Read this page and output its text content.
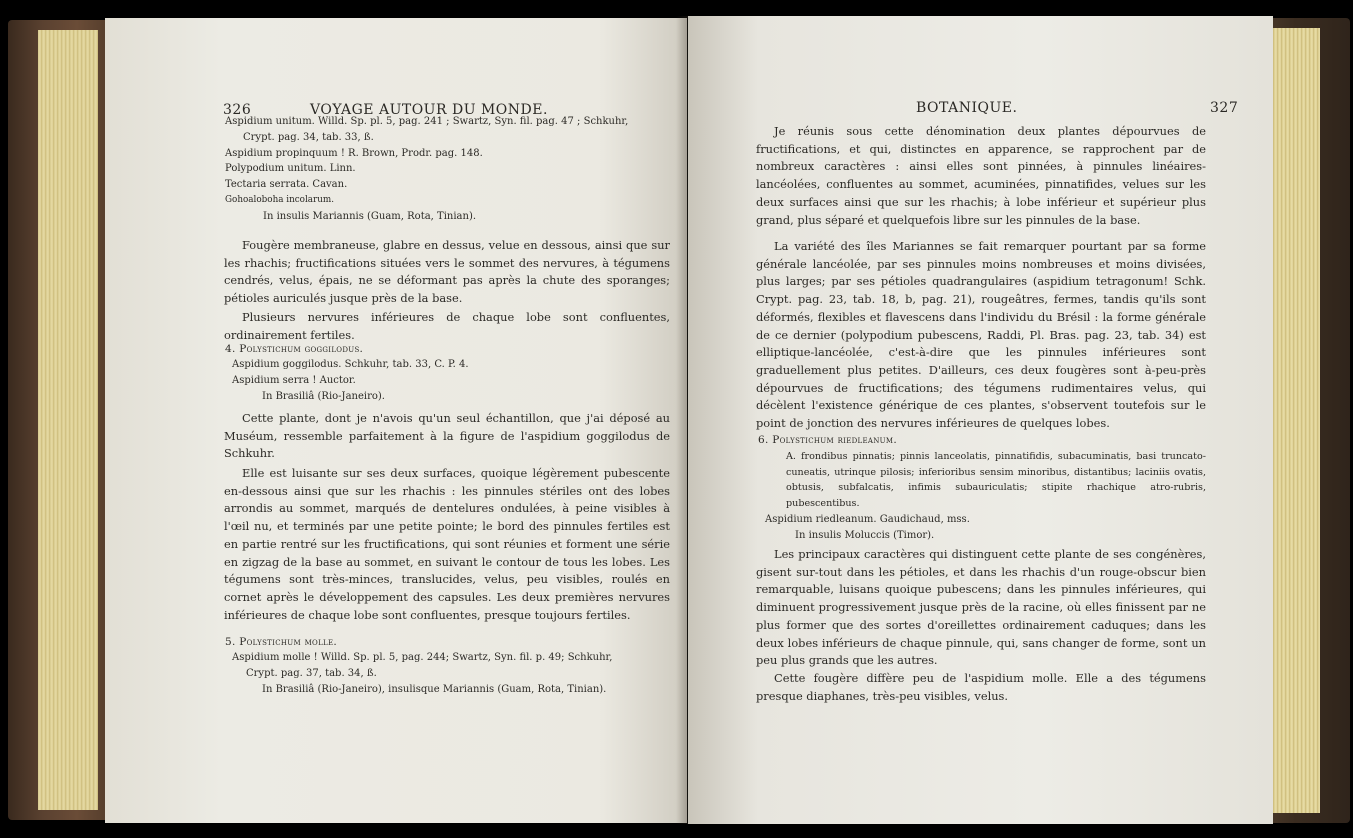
326	VOYAGE AUTOUR DU MONDE.
Aspidium unitum. Willd. Sp. pl. 5, pag. 241 ; Swartz, Syn. fil. pag. 47 ; Schkuhr,
Crypt. pag. 34, tab. 33, ß.
Aspidium propinquum ! R. Brown, Prodr. pag. 148.
Polypodium unitum. Linn.
Tectaria serrata. Cavan.
Gohoaloboha incolarum.
In insulis Mariannis (Guam, Rota, Tinian).
Fougère membraneuse, glabre en dessus, velue en dessous, ainsi que sur les rhachis; fructifications situées vers le sommet des nervures, à tégumens cendrés, velus, épais, ne se déformant pas après la chute des sporanges; pétioles auriculés jusque près de la base.
Plusieurs nervures inférieures de chaque lobe sont confluentes, ordinairement fertiles.
4. Polystichum goggilodus.
Aspidium goggilodus. Schkuhr, tab. 33, C. P. 4.
Aspidium serra ! Auctor.
In Brasiliâ (Rio-Janeiro).
Cette plante, dont je n'avois qu'un seul échantillon, que j'ai déposé au Muséum, ressemble parfaitement à la figure de l'aspidium goggilodus de Schkuhr.
Elle est luisante sur ses deux surfaces, quoique légèrement pubescente en-dessous ainsi que sur les rhachis : les pinnules stériles ont des lobes arrondis au sommet, marqués de dentelures ondulées, à peine visibles à l'œil nu, et terminés par une petite pointe; le bord des pinnules fertiles est en partie rentré sur les fructifications, qui sont réunies et forment une série en zigzag de la base au sommet, en suivant le contour de tous les lobes. Les tégumens sont très-minces, translucides, velus, peu visibles, roulés en cornet après le développement des capsules. Les deux premières nervures inférieures de chaque lobe sont confluentes, presque toujours fertiles.
5. Polystichum molle.
Aspidium molle ! Willd. Sp. pl. 5, pag. 244; Swartz, Syn. fil. p. 49; Schkuhr,
Crypt. pag. 37, tab. 34, ß.
In Brasiliâ (Rio-Janeiro), insulisque Mariannis (Guam, Rota, Tinian).
BOTANIQUE.	327
Je réunis sous cette dénomination deux plantes dépourvues de fructifications, et qui, distinctes en apparence, se rapprochent par de nombreux caractères : ainsi elles sont pinnées, à pinnules linéaires-lancéolées, confluentes au sommet, acuminées, pinnatifides, velues sur les deux surfaces ainsi que sur les rhachis; à lobe inférieur et supérieur plus grand, plus séparé et quelquefois libre sur les pinnules de la base.
La variété des îles Mariannes se fait remarquer pourtant par sa forme générale lancéolée, par ses pinnules moins nombreuses et moins divisées, plus larges; par ses pétioles quadrangulaires (aspidium tetragonum! Schk. Crypt. pag. 23, tab. 18, b, pag. 21), rougeâtres, fermes, tandis qu'ils sont déformés, flexibles et flavescens dans l'individu du Brésil : la forme générale de ce dernier (polypodium pubescens, Raddi, Pl. Bras. pag. 23, tab. 34) est elliptique-lancéolée, c'est-à-dire que les pinnules inférieures sont graduellement plus petites. D'ailleurs, ces deux fougères sont à-peu-près dépourvues de fructifications; des tégumens rudimentaires velus, qui décèlent l'existence générique de ces plantes, s'observent toutefois sur le point de jonction des nervures inférieures de quelques lobes.
6. Polystichum riedleanum.
A. frondibus pinnatis; pinnis lanceolatis, pinnatifidis, subacuminatis, basi truncato-cuneatis, utrinque pilosis; inferioribus sensim minoribus, distantibus; laciniis ovatis, obtusis, subfalcatis, infimis subauriculatis; stipite rhachique atro-rubris, pubescentibus.
Aspidium riedleanum. Gaudichaud, mss.
In insulis Moluccis (Timor).
Les principaux caractères qui distinguent cette plante de ses congénères, gisent sur-tout dans les pétioles, et dans les rhachis d'un rouge-obscur bien remarquable, luisans quoique pubescens; dans les pinnules inférieures, qui diminuent progressivement jusque près de la racine, où elles finissent par ne plus former que des sortes d'oreillettes ordinairement caduques; dans les deux lobes inférieurs de chaque pinnule, qui, sans changer de forme, sont un peu plus grands que les autres.
Cette fougère diffère peu de l'aspidium molle. Elle a des tégumens presque diaphanes, très-peu visibles, velus.
